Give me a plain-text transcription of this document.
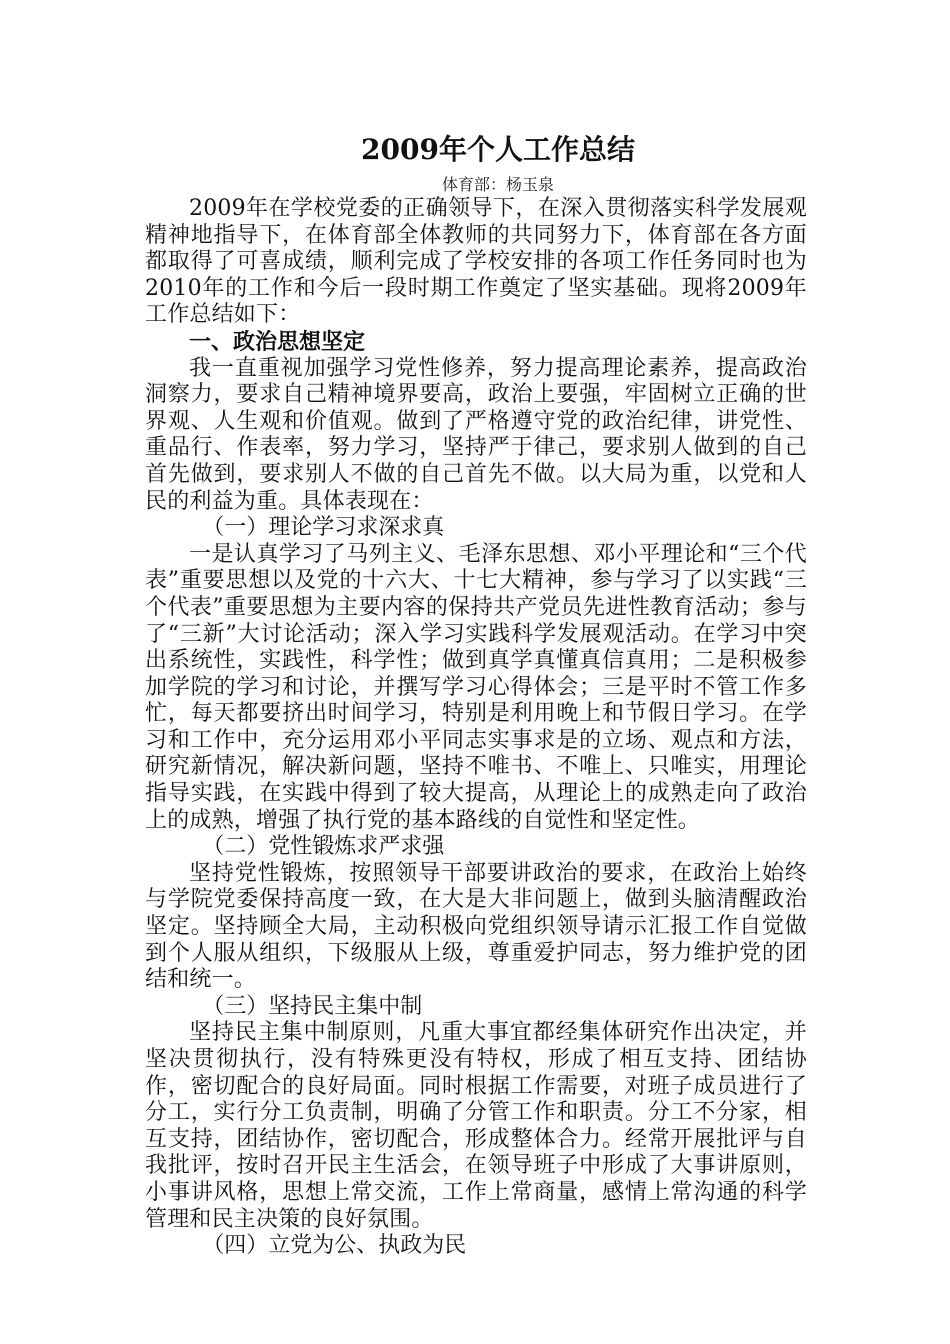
2009年个人工作总结

体育部：杨玉泉

2009年在学校党委的正确领导下，在深入贯彻落实科学发展观精神地指导下，在体育部全体教师的共同努力下，体育部在各方面都取得了可喜成绩，顺利完成了学校安排的各项工作任务同时也为2010年的工作和今后一段时期工作奠定了坚实基础。现将2009年工作总结如下：

一、政治思想坚定

我一直重视加强学习党性修养，努力提高理论素养，提高政治洞察力，要求自己精神境界要高，政治上要强，牢固树立正确的世界观、人生观和价值观。做到了严格遵守党的政治纪律，讲党性、重品行、作表率，努力学习，坚持严于律己，要求别人做到的自己首先做到，要求别人不做的自己首先不做。以大局为重，以党和人民的利益为重。具体表现在：

（一）理论学习求深求真

一是认真学习了马列主义、毛泽东思想、邓小平理论和“三个代表”重要思想以及党的十六大、十七大精神，参与学习了以实践“三个代表”重要思想为主要内容的保持共产党员先进性教育活动；参与了“三新”大讨论活动；深入学习实践科学发展观活动。在学习中突出系统性，实践性，科学性；做到真学真懂真信真用；二是积极参加学院的学习和讨论，并撰写学习心得体会；三是平时不管工作多忙，每天都要挤出时间学习，特别是利用晚上和节假日学习。在学习和工作中，充分运用邓小平同志实事求是的立场、观点和方法，研究新情况，解决新问题，坚持不唯书、不唯上、只唯实，用理论指导实践，在实践中得到了较大提高，从理论上的成熟走向了政治上的成熟，增强了执行党的基本路线的自觉性和坚定性。

（二）党性锻炼求严求强

坚持党性锻炼，按照领导干部要讲政治的要求，在政治上始终与学院党委保持高度一致，在大是大非问题上，做到头脑清醒政治坚定。坚持顾全大局，主动积极向党组织领导请示汇报工作自觉做到个人服从组织，下级服从上级，尊重爱护同志，努力维护党的团结和统一。

（三）坚持民主集中制

坚持民主集中制原则，凡重大事宜都经集体研究作出决定，并坚决贯彻执行，没有特殊更没有特权，形成了相互支持、团结协作，密切配合的良好局面。同时根据工作需要，对班子成员进行了分工，实行分工负责制，明确了分管工作和职责。分工不分家，相互支持，团结协作，密切配合，形成整体合力。经常开展批评与自我批评，按时召开民主生活会，在领导班子中形成了大事讲原则，小事讲风格，思想上常交流，工作上常商量，感情上常沟通的科学管理和民主决策的良好氛围。

（四）立党为公、执政为民
